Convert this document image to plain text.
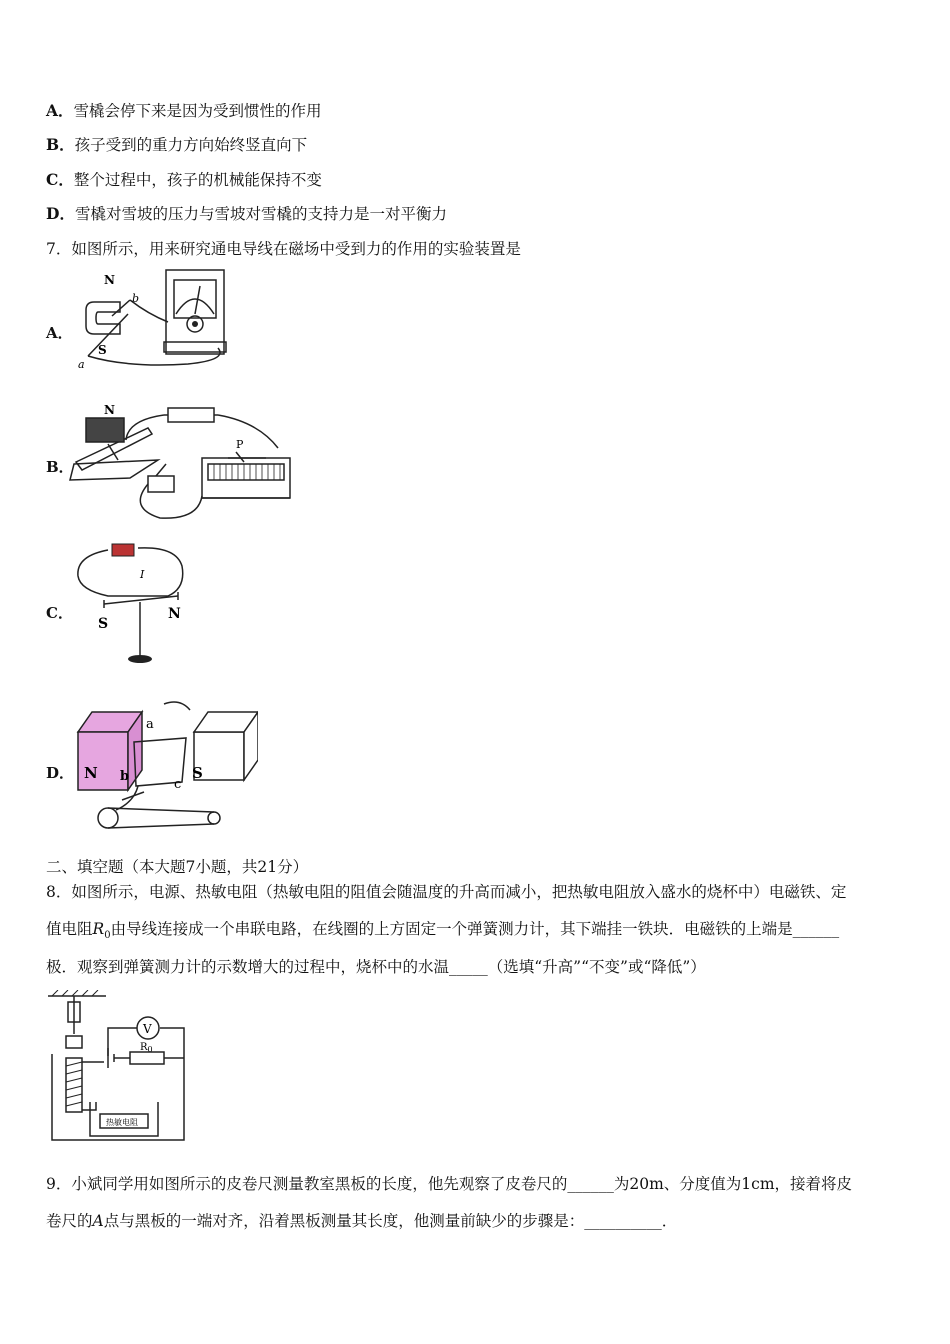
A．雪橇会停下来是因为受到惯性的作用
B．孩子受到的重力方向始终竖直向下
C．整个过程中，孩子的机械能保持不变
D．雪橇对雪坡的压力与雪坡对雪橇的支持力是一对平衡力
7．如图所示，用来研究通电导线在磁场中受到力的作用的实验装置是
A．
B．
C．
D．
N
S
b
a
N
P
S
N
I
N	S
a
b
c
二、填空题（本大题7小题，共21分）
8．如图所示，电源、热敏电阻（热敏电阻的阻值会随温度的升高而减小，把热敏电阻放入盛水的烧杯中）电磁铁、定
值电阻$R_0$由导线连接成一个串联电路，在线圈的上方固定一个弹簧测力计，其下端挂一铁块．电磁铁的上端是______
极．观察到弹簧测力计的示数增大的过程中，烧杯中的水温_____（选填“升高”“不变”或“降低”）
V
$R_0$
热敏电阻
9．小斌同学用如图所示的皮卷尺测量教室黑板的长度，他先观察了皮卷尺的______为20m、分度值为1cm，接着将皮
卷尺的A点与黑板的一端对齐，沿着黑板测量其长度，他测量前缺少的步骤是：__________．
